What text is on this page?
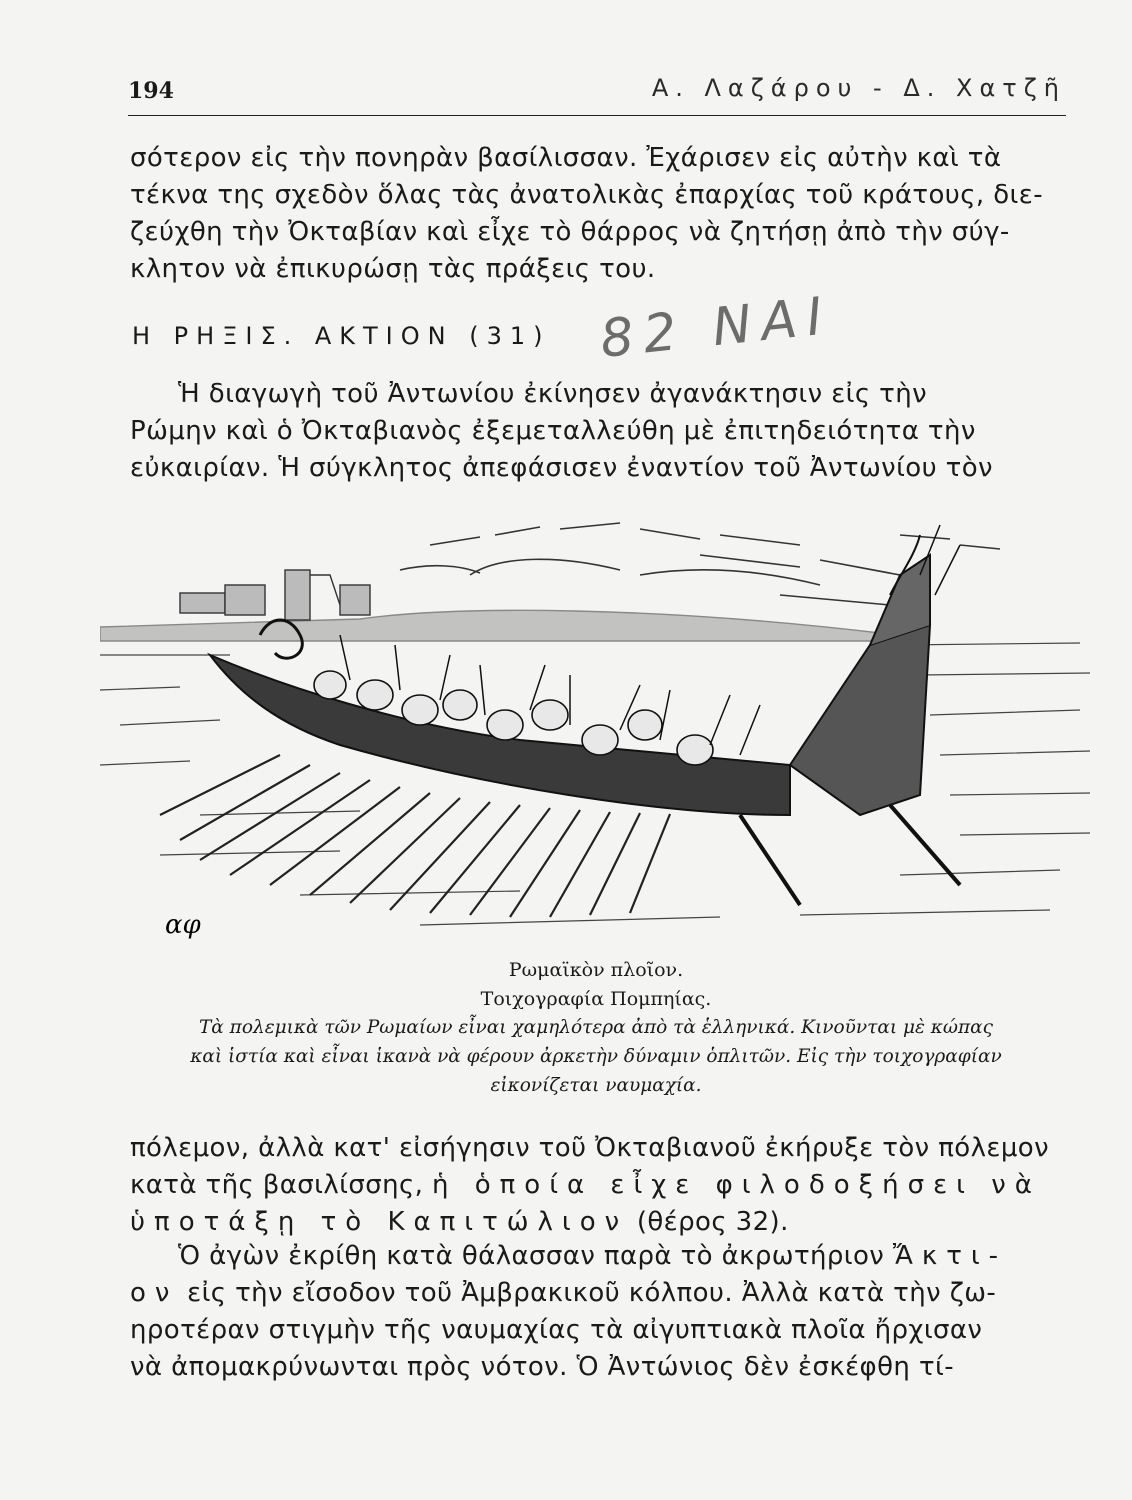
194	Α. Λαζάρου - Δ. Χατζῆ

σότερον εἰς τὴν πονηρὰν βασίλισσαν. Ἐχάρισεν εἰς αὐτὴν καὶ τὰ
τέκνα της σχεδὸν ὅλας τὰς ἀνατολικὰς ἐπαρχίας τοῦ κράτους, διε-
ζεύχθη τὴν Ὀκταβίαν καὶ εἶχε τὸ θάρρος νὰ ζητήσῃ ἀπὸ τὴν σύγ-
κλητον νὰ ἐπικυρώσῃ τὰς πράξεις του.

Η ΡΗΞΙΣ. ΑΚΤΙΟΝ (31) 82 ΝΑΙ

Ἡ διαγωγὴ τοῦ Ἀντωνίου ἐκίνησεν ἀγανάκτησιν εἰς τὴν
Ρώμην καὶ ὁ Ὀκταβιανὸς ἐξεμεταλλεύθη μὲ ἐπιτηδειότητα τὴν
εὐκαιρίαν. Ἡ σύγκλητος ἀπεφάσισεν ἐναντίον τοῦ Ἀντωνίου τὸν

αφ
Ρωμαϊκὸν πλοῖον.
Τοιχογραφία Πομπηίας.
Τὰ πολεμικὰ τῶν Ρωμαίων εἶναι χαμηλότερα ἀπὸ τὰ ἑλληνικά. Κινοῦνται μὲ κώπας
καὶ ἱστία καὶ εἶναι ἱκανὰ νὰ φέρουν ἀρκετὴν δύναμιν ὁπλιτῶν. Εἰς τὴν τοιχογραφίαν
εἰκονίζεται ναυμαχία.

πόλεμον, ἀλλὰ κατ' εἰσήγησιν τοῦ Ὀκταβιανοῦ ἐκήρυξε τὸν πόλεμον
κατὰ τῆς βασιλίσσης, ἡ ὁποία εἶχε φιλοδοξήσει νὰ
ὑποτάξῃ τὸ Καπιτώλιον (θέρος 32).

Ὁ ἀγὼν ἐκρίθη κατὰ θάλασσαν παρὰ τὸ ἀκρωτήριον Ἄκτι-
ον εἰς τὴν εἴσοδον τοῦ Ἀμβρακικοῦ κόλπου. Ἀλλὰ κατὰ τὴν ζω-
ηροτέραν στιγμὴν τῆς ναυμαχίας τὰ αἰγυπτιακὰ πλοῖα ἤρχισαν
νὰ ἀπομακρύνωνται πρὸς νότον. Ὁ Ἀντώνιος δὲν ἐσκέφθη τί-
